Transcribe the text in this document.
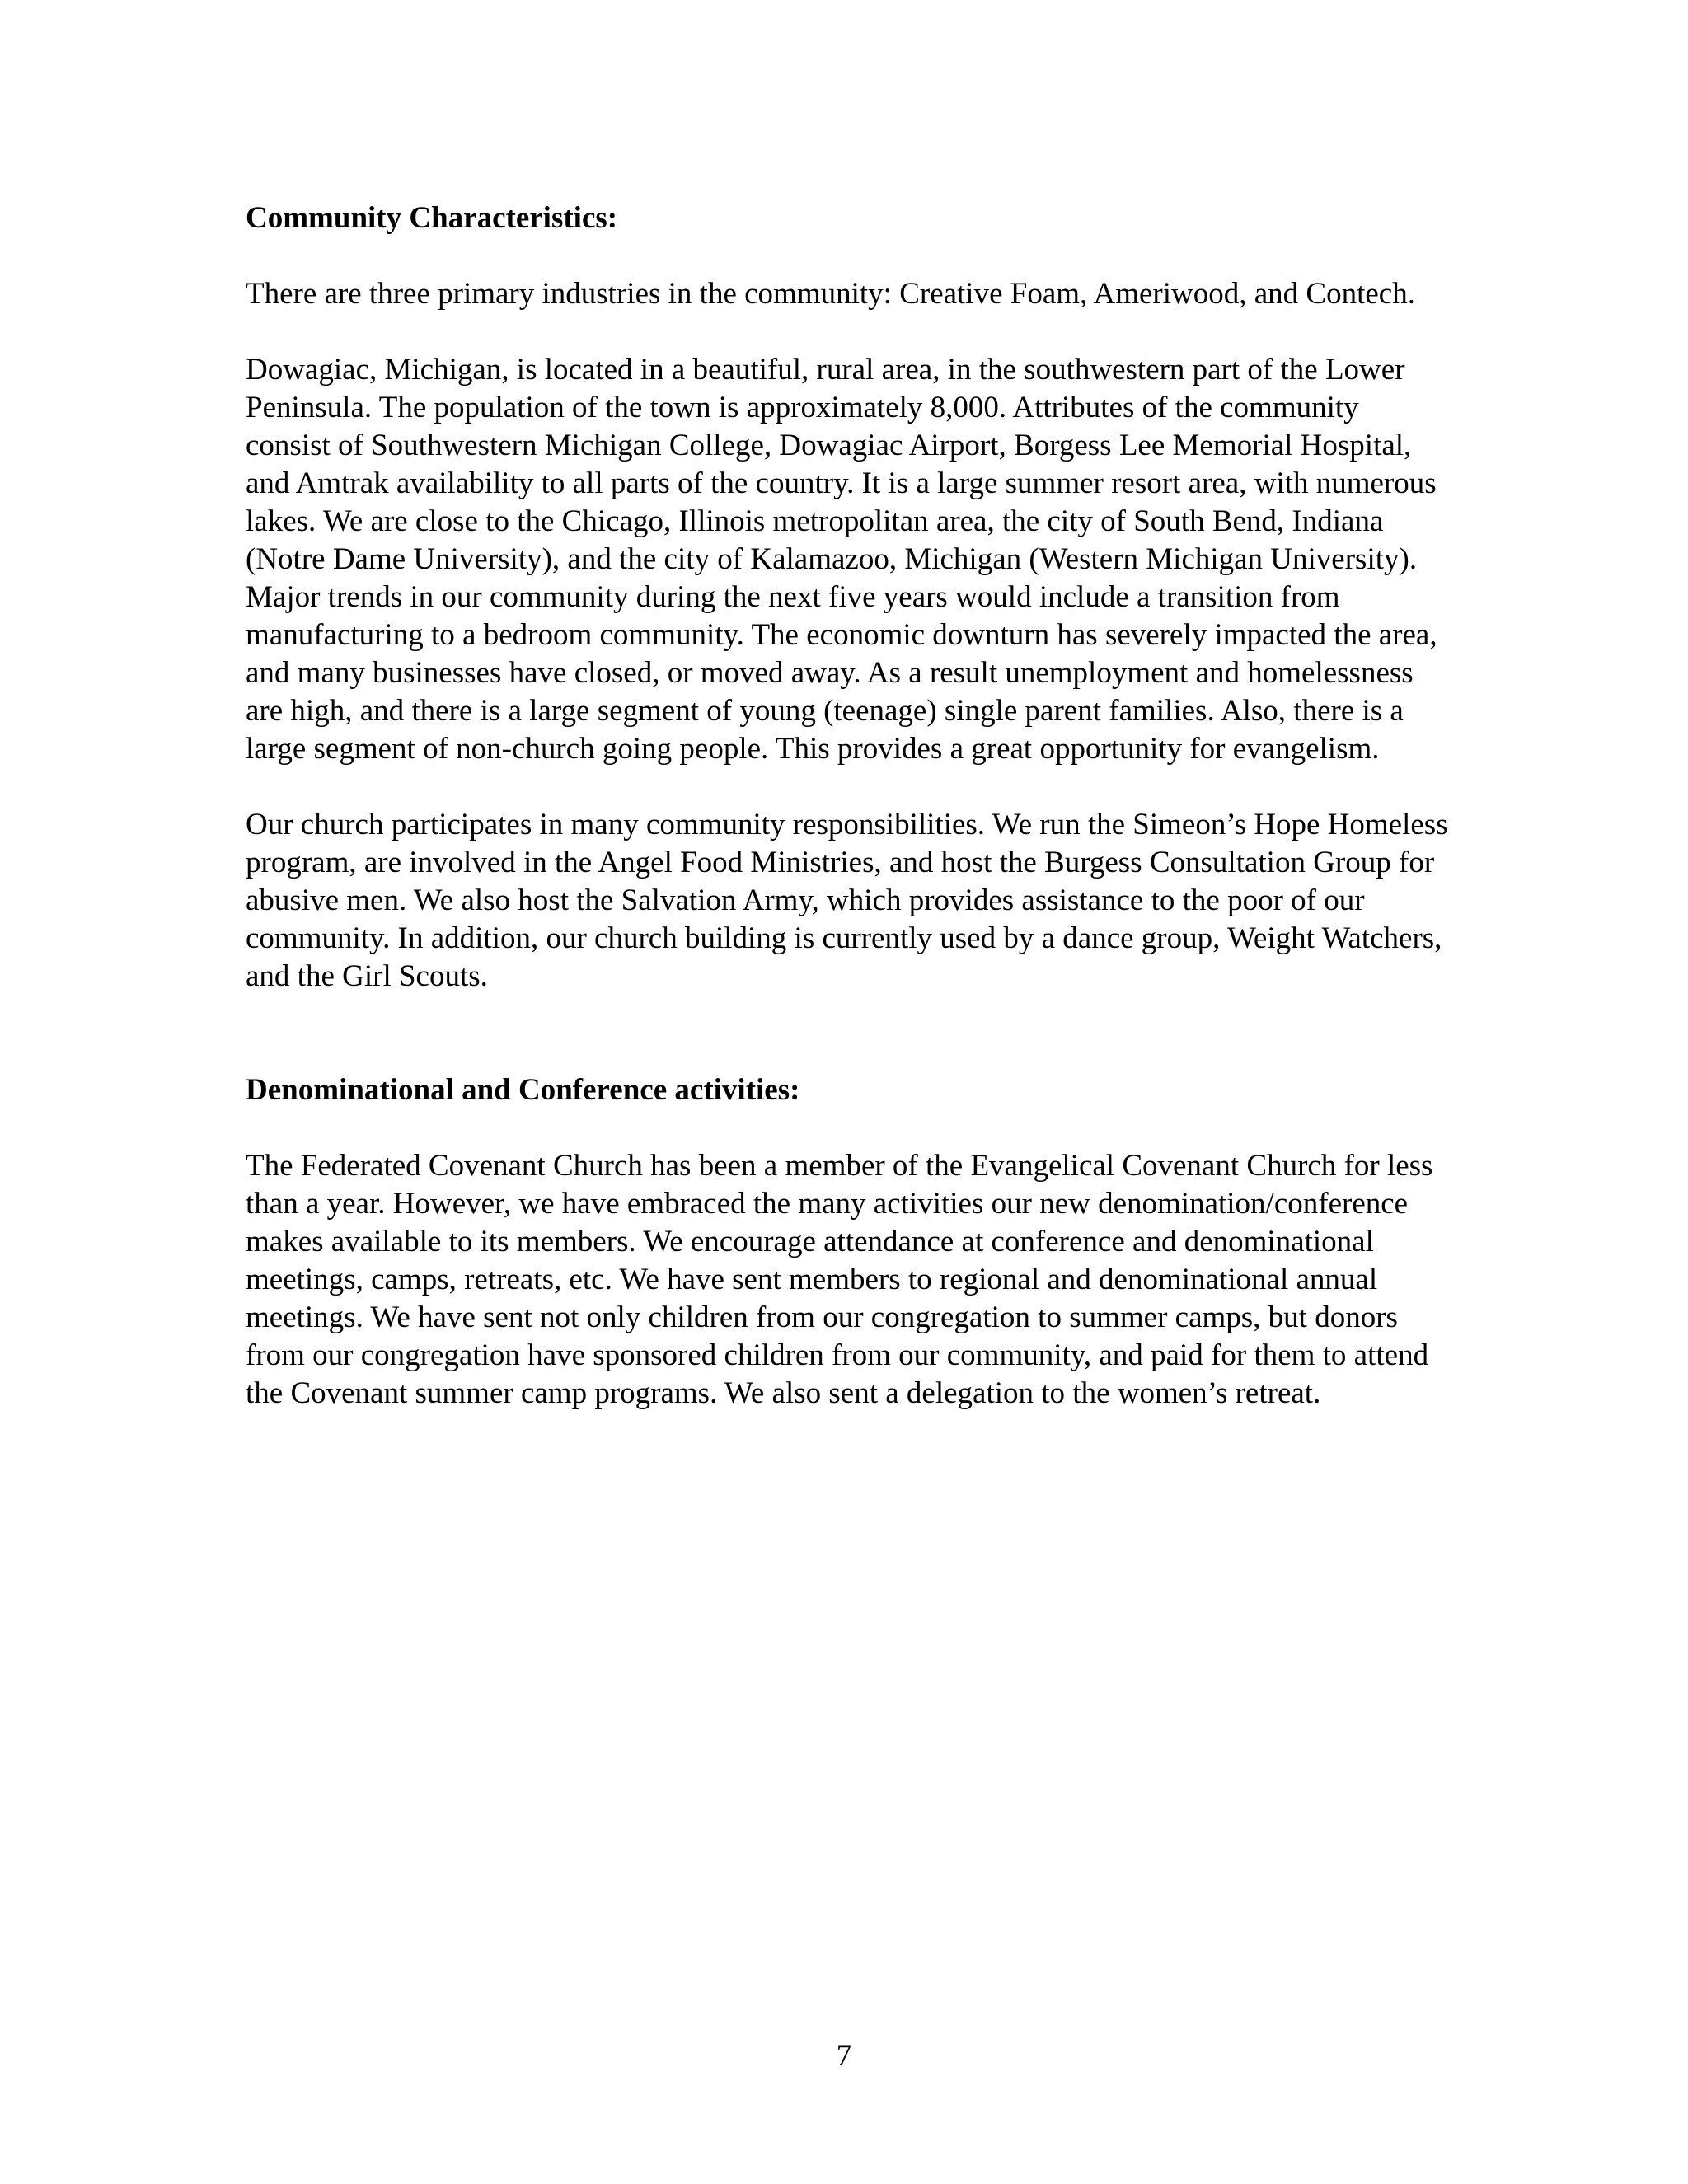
Community Characteristics:

There are three primary industries in the community: Creative Foam, Ameriwood, and Contech.

Dowagiac, Michigan, is located in a beautiful, rural area, in the southwestern part of the Lower Peninsula. The population of the town is approximately 8,000. Attributes of the community consist of Southwestern Michigan College, Dowagiac Airport, Borgess Lee Memorial Hospital, and Amtrak availability to all parts of the country. It is a large summer resort area, with numerous lakes. We are close to the Chicago, Illinois metropolitan area, the city of South Bend, Indiana (Notre Dame University), and the city of Kalamazoo, Michigan (Western Michigan University). Major trends in our community during the next five years would include a transition from manufacturing to a bedroom community. The economic downturn has severely impacted the area, and many businesses have closed, or moved away. As a result unemployment and homelessness are high, and there is a large segment of young (teenage) single parent families. Also, there is a large segment of non-church going people. This provides a great opportunity for evangelism.

Our church participates in many community responsibilities. We run the Simeon’s Hope Homeless program, are involved in the Angel Food Ministries, and host the Burgess Consultation Group for abusive men. We also host the Salvation Army, which provides assistance to the poor of our community. In addition, our church building is currently used by a dance group, Weight Watchers, and the Girl Scouts.

Denominational and Conference activities:

The Federated Covenant Church has been a member of the Evangelical Covenant Church for less than a year. However, we have embraced the many activities our new denomination/conference makes available to its members. We encourage attendance at conference and denominational meetings, camps, retreats, etc. We have sent members to regional and denominational annual meetings. We have sent not only children from our congregation to summer camps, but donors from our congregation have sponsored children from our community, and paid for them to attend the Covenant summer camp programs. We also sent a delegation to the women’s retreat.

7
